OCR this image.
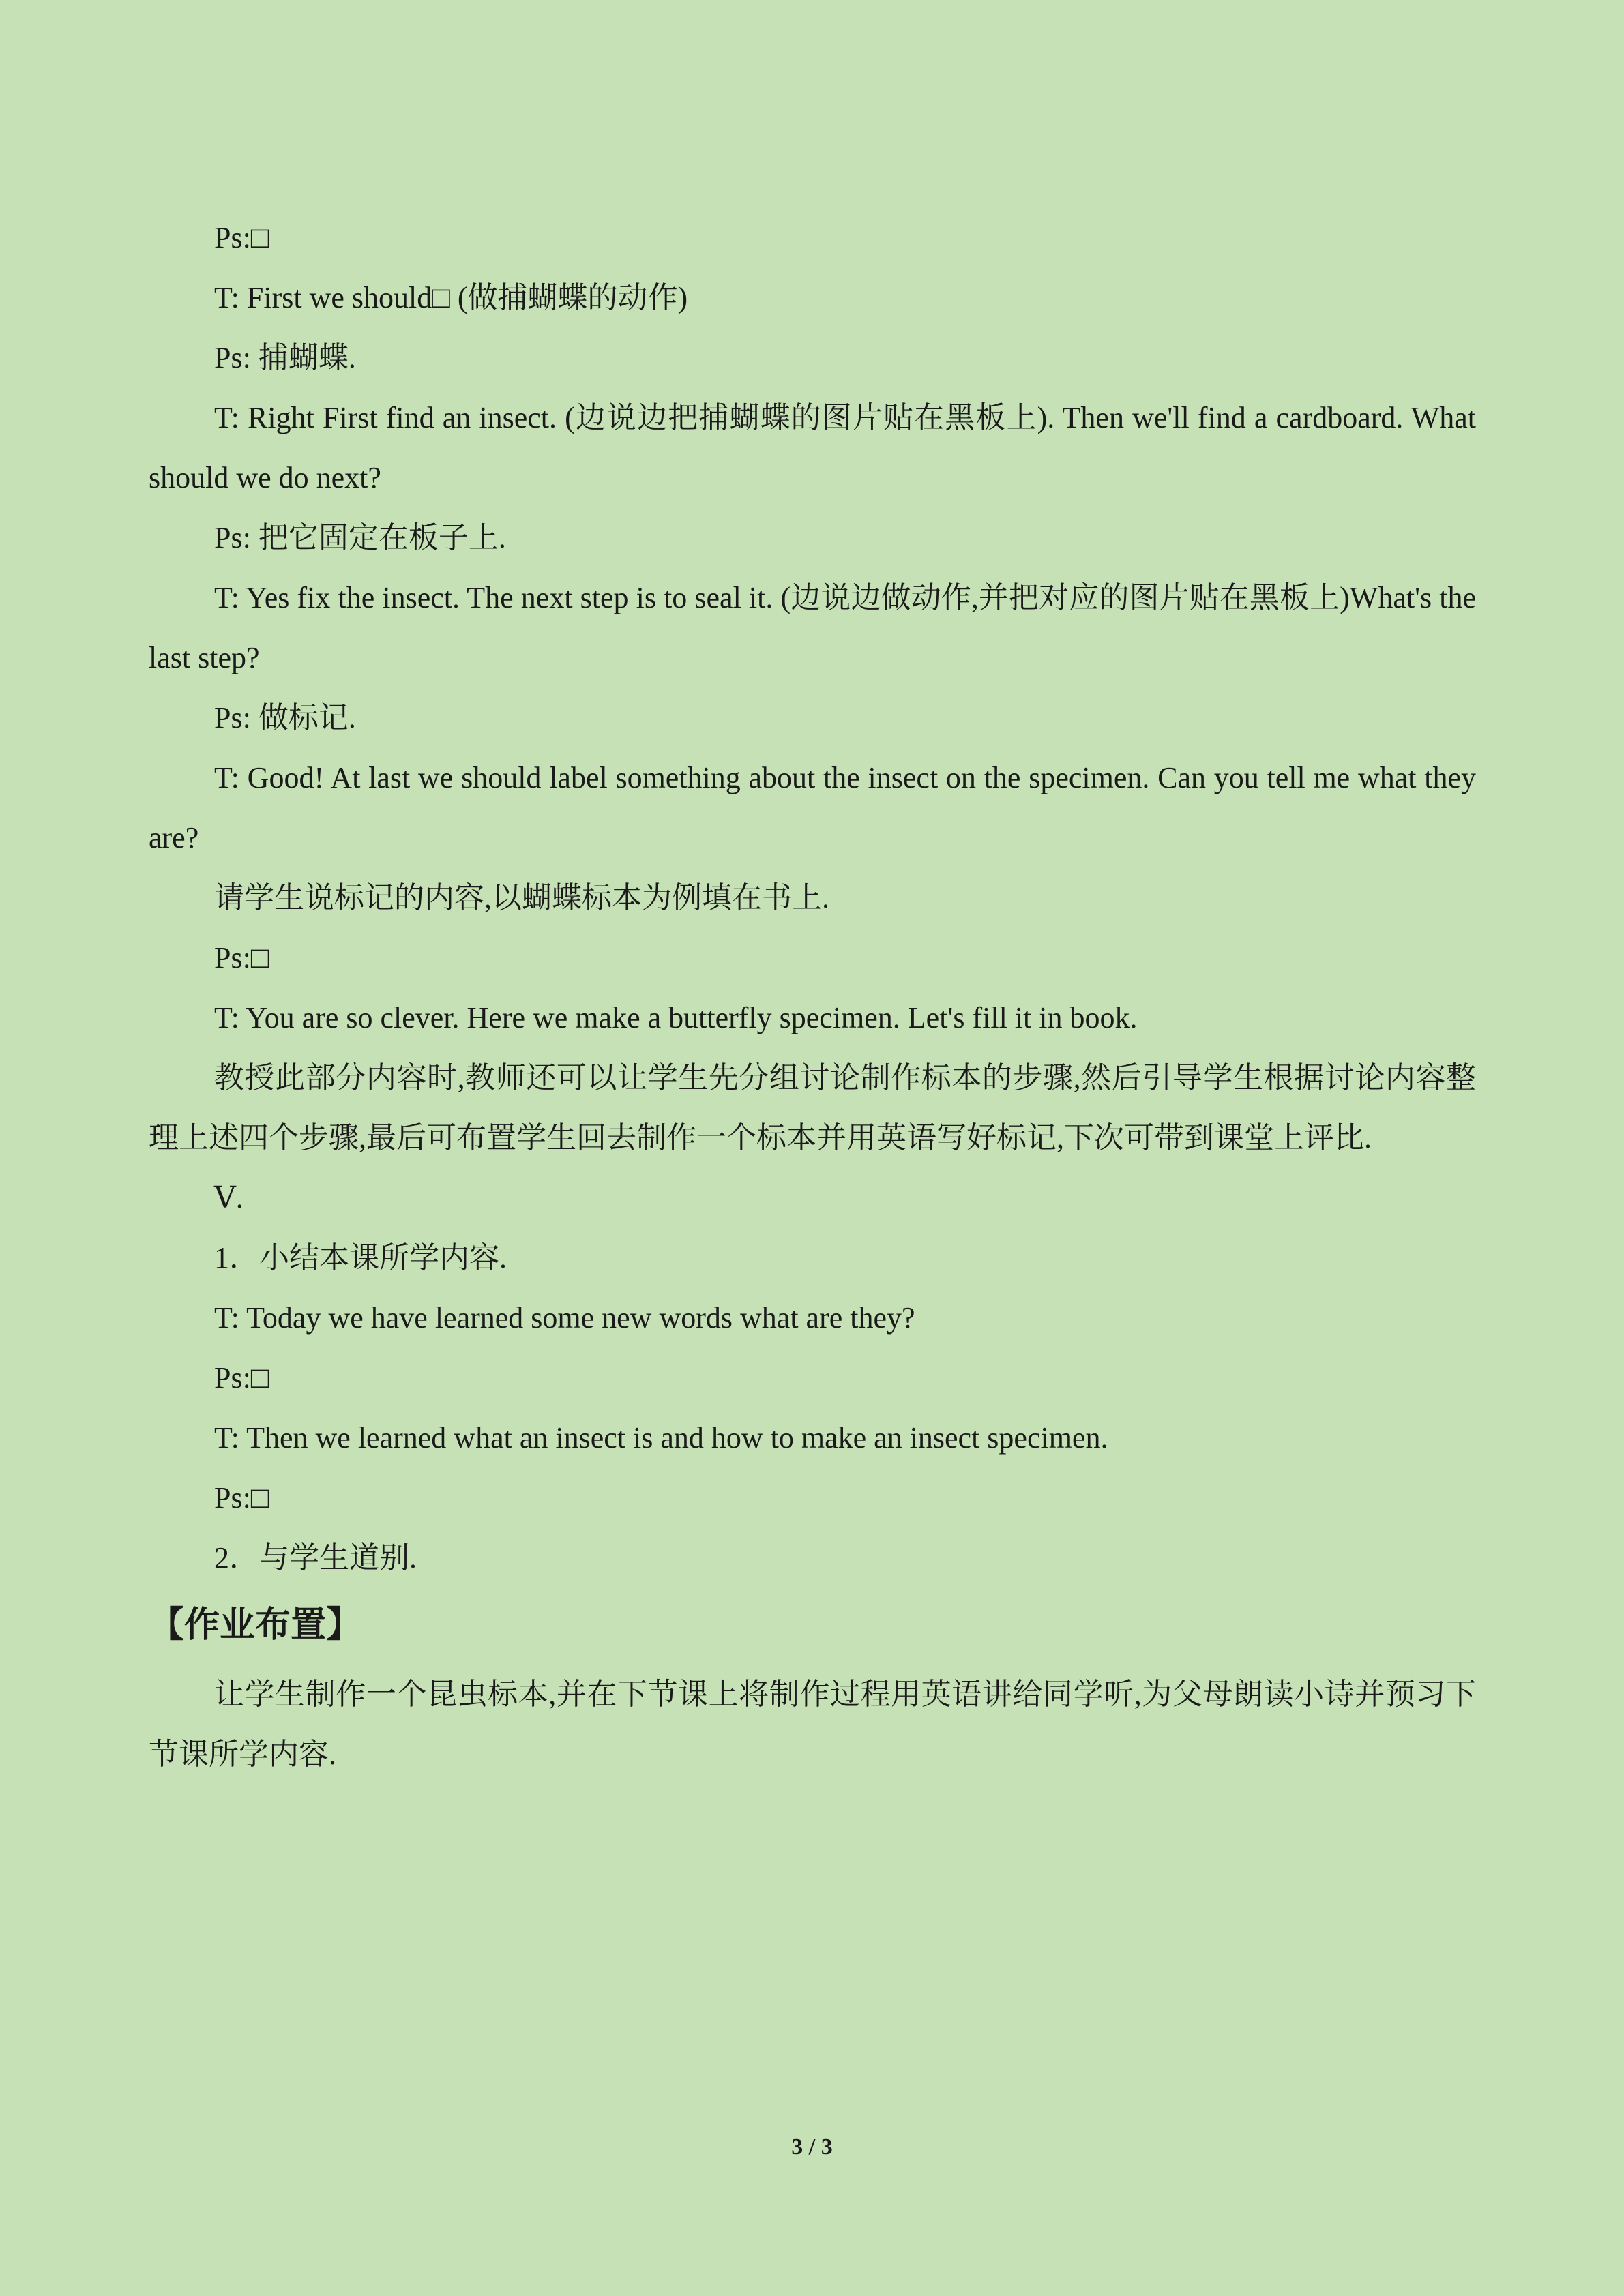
Ps:□

T: First we should□ (做捕蝴蝶的动作)

Ps: 捕蝴蝶.

T: Right First find an insect. (边说边把捕蝴蝶的图片贴在黑板上). Then we'll find a cardboard. What should we do next?

Ps: 把它固定在板子上.

T: Yes fix the insect. The next step is to seal it. (边说边做动作,并把对应的图片贴在黑板上)What's the last step?

Ps: 做标记.

T: Good! At last we should label something about the insect on the specimen. Can you tell me what they are?

请学生说标记的内容,以蝴蝶标本为例填在书上.

Ps:□

T: You are so clever. Here we make a butterfly specimen. Let's fill it in book.

教授此部分内容时,教师还可以让学生先分组讨论制作标本的步骤,然后引导学生根据讨论内容整理上述四个步骤,最后可布置学生回去制作一个标本并用英语写好标记,下次可带到课堂上评比.

Ⅴ.

1．小结本课所学内容.

T: Today we have learned some new words what are they?

Ps:□

T: Then we learned what an insect is and how to make an insect specimen.

Ps:□

2．与学生道别.

【作业布置】

让学生制作一个昆虫标本,并在下节课上将制作过程用英语讲给同学听,为父母朗读小诗并预习下节课所学内容.

3 / 3
